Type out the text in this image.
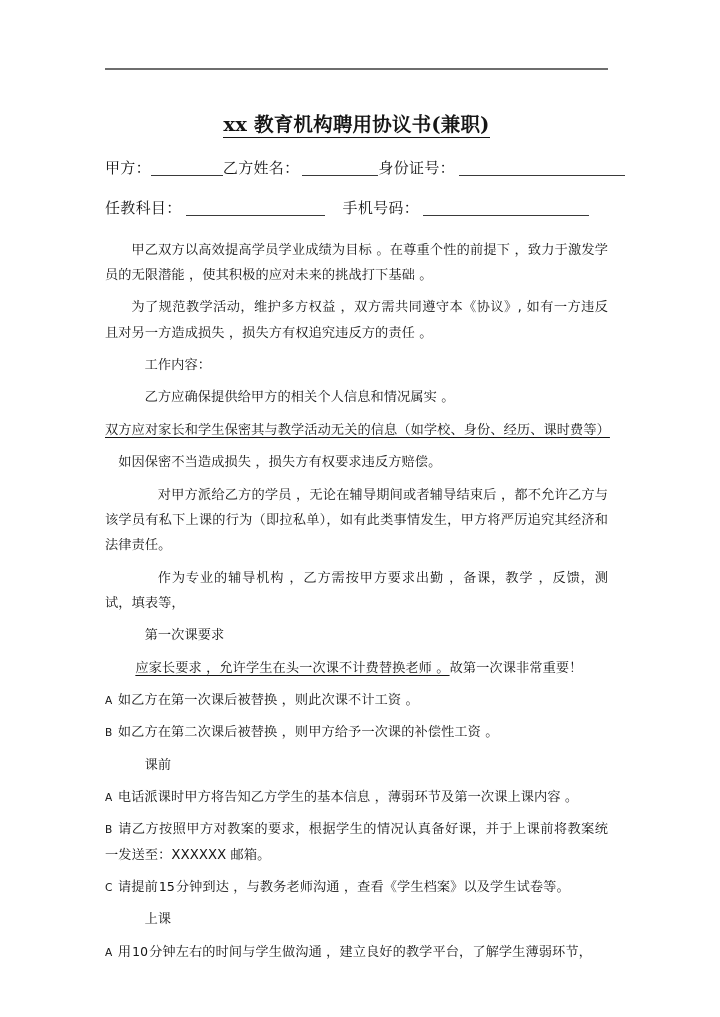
xx 教育机构聘用协议书(兼职)
甲方：	乙方姓名：	身份证号：
任教科目：	手机号码：

甲乙双方以高效提高学员学业成绩为目标 。在尊重个性的前提下 ，致力于激发学员的无限潜能 ，使其积极的应对未来的挑战打下基础 。

为了规范教学活动，维护多方权益 ，双方需共同遵守本《协议》, 如有一方违反且对另一方造成损失 ，损失方有权追究违反方的责任 。

工作内容：

乙方应确保提供给甲方的相关个人信息和情况属实 。

双方应对家长和学生保密其与教学活动无关的信息（如学校、身份、经历、课时费等）

如因保密不当造成损失 ，损失方有权要求违反方赔偿。

对甲方派给乙方的学员 ，无论在辅导期间或者辅导结束后 ，都不允许乙方与该学员有私下上课的行为（即拉私单），如有此类事情发生，甲方将严厉追究其经济和法律责任。

作为专业的辅导机构 ，乙方需按甲方要求出勤 ，备课，教学 ，反馈，测试，填表等，

第一次课要求

应家长要求 ，允许学生在头一次课不计费替换老师 。故第一次课非常重要！

A 如乙方在第一次课后被替换 ，则此次课不计工资 。

B 如乙方在第二次课后被替换 ，则甲方给予一次课的补偿性工资 。

课前

A 电话派课时甲方将告知乙方学生的基本信息 ，薄弱环节及第一次课上课内容 。

B 请乙方按照甲方对教案的要求，根据学生的情况认真备好课，并于上课前将教案统一发送至：XXXXXX 邮箱。

C 请提前15分钟到达 ，与教务老师沟通 ，查看《学生档案》以及学生试卷等。

上课

A 用10分钟左右的时间与学生做沟通 ，建立良好的教学平台，了解学生薄弱环节，
